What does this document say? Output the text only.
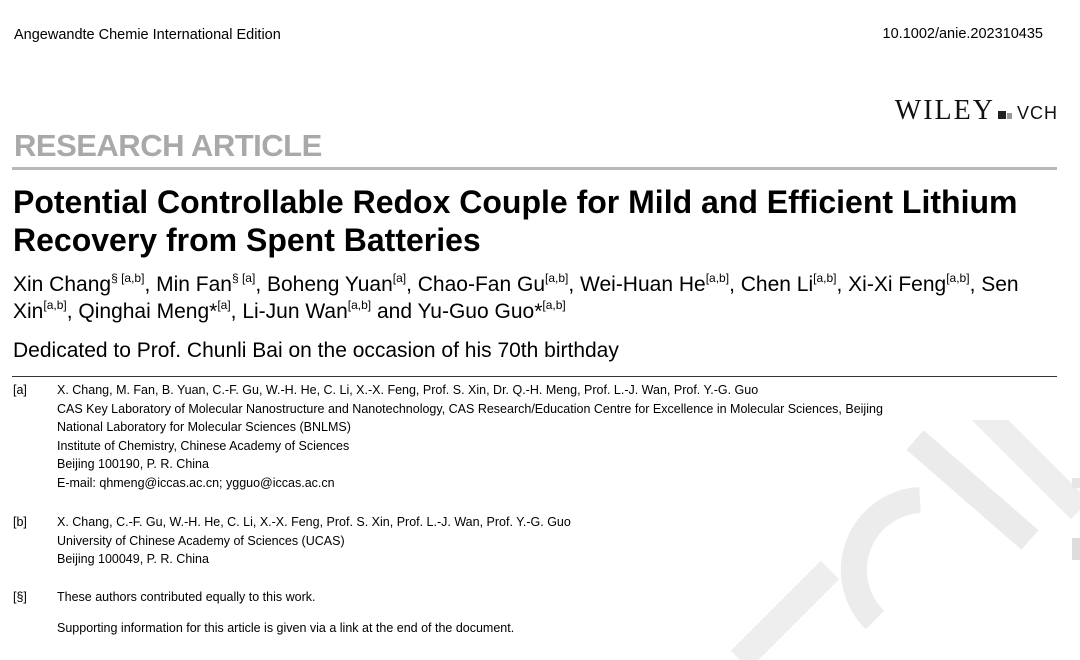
Angewandte Chemie International Edition	10.1002/anie.202310435
WILEY VCH
RESEARCH ARTICLE
Potential Controllable Redox Couple for Mild and Efficient Lithium
Recovery from Spent Batteries
Xin Chang$^{\S [a,b]}$, Min Fan$^{\S [a]}$, Boheng Yuan[a], Chao-Fan Gu[a,b], Wei-Huan He[a,b], Chen Li[a,b], Xi-Xi Feng[a,b], Sen Xin[a,b], Qinghai Meng*[a], Li-Jun Wan[a,b] and Yu-Guo Guo*[a,b]
Dedicated to Prof. Chunli Bai on the occasion of his 70th birthday
[a] X. Chang, M. Fan, B. Yuan, C.-F. Gu, W.-H. He, C. Li, X.-X. Feng, Prof. S. Xin, Dr. Q.-H. Meng, Prof. L.-J. Wan, Prof. Y.-G. Guo
CAS Key Laboratory of Molecular Nanostructure and Nanotechnology, CAS Research/Education Centre for Excellence in Molecular Sciences, Beijing
National Laboratory for Molecular Sciences (BNLMS)
Institute of Chemistry, Chinese Academy of Sciences
Beijing 100190, P. R. China
E-mail: qhmeng@iccas.ac.cn; ygguo@iccas.ac.cn
[b] X. Chang, C.-F. Gu, W.-H. He, C. Li, X.-X. Feng, Prof. S. Xin, Prof. L.-J. Wan, Prof. Y.-G. Guo
University of Chinese Academy of Sciences (UCAS)
Beijing 100049, P. R. China
[§] These authors contributed equally to this work.
Supporting information for this article is given via a link at the end of the document.
